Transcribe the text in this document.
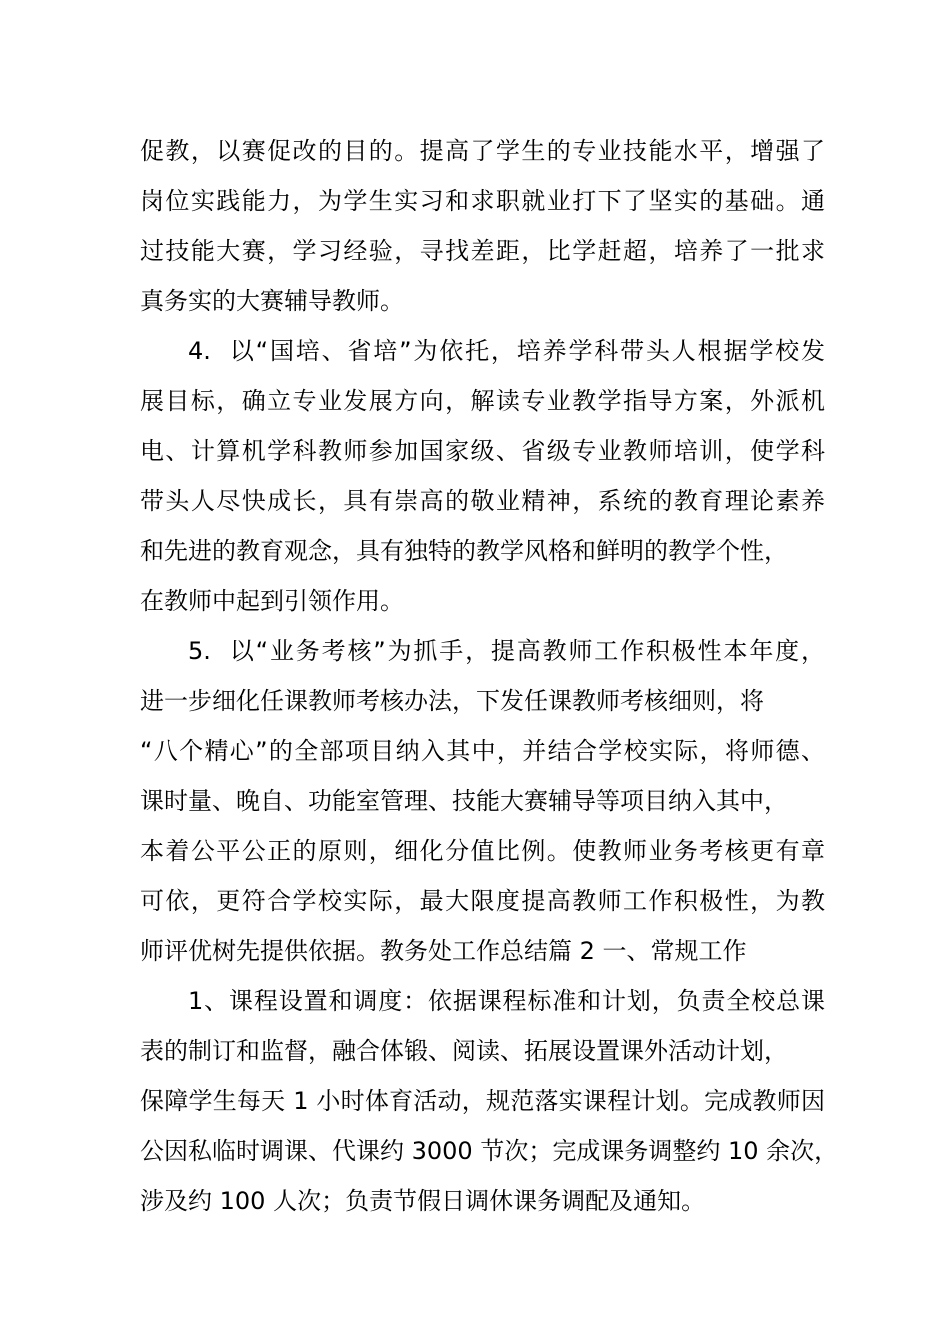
促教，以赛促改的目的。提高了学生的专业技能水平，增强了
岗位实践能力，为学生实习和求职就业打下了坚实的基础。通
过技能大赛，学习经验，寻找差距，比学赶超，培养了一批求
真务实的大赛辅导教师。
4.  以“国培、省培”为依托，培养学科带头人根据学校发
展目标，确立专业发展方向，解读专业教学指导方案，外派机
电、计算机学科教师参加国家级、省级专业教师培训，使学科
带头人尽快成长，具有崇高的敬业精神，系统的教育理论素养
和先进的教育观念，具有独特的教学风格和鲜明的教学个性，
在教师中起到引领作用。
5.  以“业务考核”为抓手，提高教师工作积极性本年度，
进一步细化任课教师考核办法，下发任课教师考核细则，将
“八个精心”的全部项目纳入其中，并结合学校实际，将师德、
课时量、晚自、功能室管理、技能大赛辅导等项目纳入其中，
本着公平公正的原则，细化分值比例。使教师业务考核更有章
可依，更符合学校实际，最大限度提高教师工作积极性，为教
师评优树先提供依据。教务处工作总结篇 2 一、常规工作
1、课程设置和调度：依据课程标准和计划，负责全校总课
表的制订和监督，融合体锻、阅读、拓展设置课外活动计划，
保障学生每天 1 小时体育活动，规范落实课程计划。完成教师因
公因私临时调课、代课约 3000 节次；完成课务调整约 10 余次，
涉及约 100 人次；负责节假日调休课务调配及通知。
